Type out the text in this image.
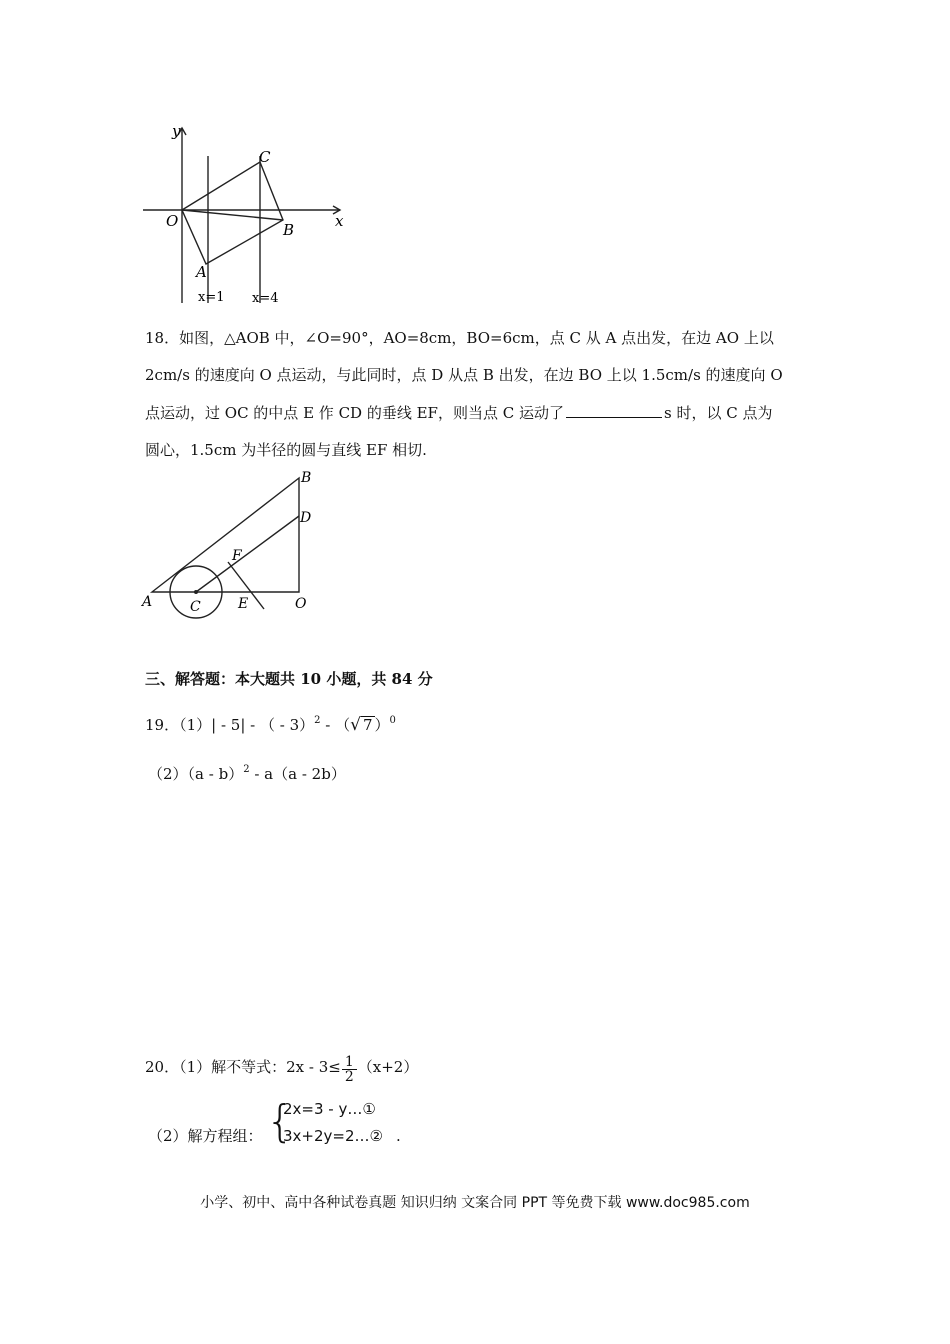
y
x
O
C
B
A
x=1 x=4
18．如图，△AOB 中，∠O=90°，AO=8cm，BO=6cm，点 C 从 A 点出发，在边 AO 上以
2cm/s 的速度向 O 点运动，与此同时，点 D 从点 B 出发，在边 BO 上以 1.5cm/s 的速度向 O
点运动，过 OC 的中点 E 作 CD 的垂线 EF，则当点 C 运动了	s 时，以 C 点为
圆心，1.5cm 为半径的圆与直线 EF 相切.
B
D
F
A	C	E	O
三、解答题：本大题共 10 小题，共 84 分
19．（1）| - 5| - （ - 3）$^2$ - （√ 7 ）$^0$
（2）（a - b）$^2$ - a（a - 2b）
20．（1）解不等式：$2x - 3\le \frac{1}{2} (x+2)$
（2）解方程组： {
2x=3 - y…①
3x+2y=2…② .
小学、初中、高中各种试卷真题 知识归纳 文案合同 PPT 等免费下载 www.doc985.com
